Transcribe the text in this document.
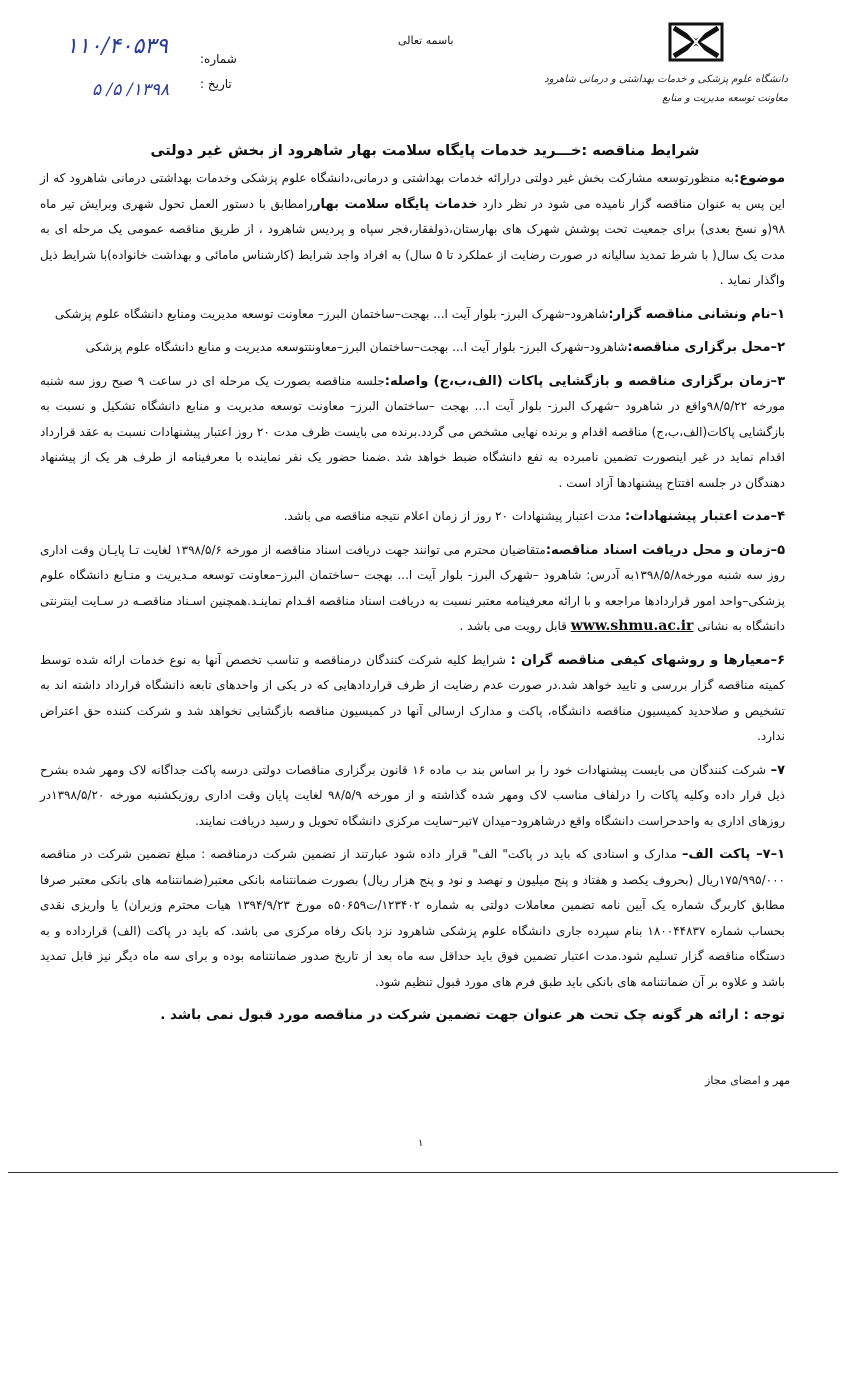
دانشگاه علوم پزشکی و خدمات بهداشتی و درمانی شاهرود
معاونت توسعه مدیریت و منابع
باسمه تعالی
شماره:
۱۱۰/۴۰۵۳۹
تاریخ :
۱۳۹۸/ ۵/ ۵
شرایط مناقصه :خـــرید خدمات پایگاه سلامت بهار شاهرود از بخش غیر دولتی

موضوع:به منظورتوسعه مشارکت بخش غیر دولتی درارائه خدمات بهداشتی و درمانی،دانشگاه علوم پزشکی وخدمات بهداشتی درمانی شاهرود که از این پس به عنوان مناقصه گزار نامیده می شود در نظر دارد خدمات پایگاه سلامت بهاررامطابق با دستور العمل تحول شهری وبرایش تیر ماه ۹۸(و نسخ بعدی) برای جمعیت تحت پوشش شهرک های بهارستان،ذولفقار،فجر سپاه و پردیس شاهرود ، از طریق مناقصه عمومی یک مرحله ای به مدت یک سال( با شرط تمدید سالیانه در صورت رضایت از عملکرد تا ۵ سال) به افراد واجد شرایط (کارشناس مامائی و بهداشت خانواده)با شرایط ذیل واگذار نماید .

۱–نام ونشانی مناقصه گزار:شاهرود–شهرک البرز- بلوار آیت ا... بهجت–ساختمان البرز– معاونت توسعه مدیریت ومنابع دانشگاه علوم پزشکی

۲–محل برگزاری مناقصه:شاهرود–شهرک البرز- بلوار آیت ا... بهجت–ساختمان البرز–معاونتتوسعه مدیریت و منابع دانشگاه علوم پزشکی

۳–زمان برگزاری مناقصه و بازگشایی پاکات (الف،ب،ج) واصله:جلسه مناقصه بصورت یک مرحله ای در ساعت ۹ صبح روز سه شنبه مورخه ۹۸/۵/۲۲واقع در شاهرود –شهرک البرز- بلوار آیت ا... بهجت –ساختمان البرز– معاونت توسعه مدیریت و منابع دانشگاه تشکیل و نسبت به بازگشایی پاکات(الف،ب،ج) مناقصه اقدام و برنده نهایی مشخص می گردد.برنده می بایست ظرف مدت ۲۰ روز اعتبار پیشنهادات نسبت به عقد قرارداد اقدام نماید در غیر اینصورت تضمین نامبرده به نفع دانشگاه ضبط خواهد شد .ضمنا حضور یک نفر نماینده با معرفینامه از طرف هر یک از پیشنهاد دهندگان در جلسه افتتاح پیشنهادها آزاد است .

۴–مدت اعتبار پیشنهادات: مدت اعتبار پیشنهادات ۲۰ روز از زمان اعلام نتیجه مناقصه می باشد.

۵–زمان و محل دریافت اسناد مناقصه:متقاضیان محترم می توانند جهت دریافت اسناد مناقصه از مورخه ۱۳۹۸/۵/۶ لغایت تـا پایـان وقت اداری روز سه شنبه مورخه۱۳۹۸/۵/۸به آدرس: شاهرود –شهرک البرز- بلوار آیت ا... بهجت –ساختمان البرز–معاونت توسعه مـدیریت و منـابع دانشگاه علوم پزشکی–واحد امور قراردادها مراجعه و با ارائه معرفینامه معتبر نسبت به دریافت اسناد مناقصه اقـدام نماینـد.همچنین اسـناد مناقصـه در سـایت اینترنتی دانشگاه به نشانی www.shmu.ac.ir قابل رویت می باشد .

۶–معیارها و روشهای کیفی مناقصه گران : شرایط کلیه شرکت کنندگان درمناقصه و تناسب تخصص آنها به نوع خدمات ارائه شده توسط کمیته مناقصه گزار بررسی و تایید خواهد شد.در صورت عدم رضایت از طرف قراردادهایی که در یکی از واحدهای تابعه دانشگاه قرارداد داشته اند به تشخیص و صلاحدید کمیسیون مناقصه دانشگاه، پاکت و مدارک ارسالی آنها در کمیسیون مناقصه بازگشایی نخواهد شد و شرکت کننده حق اعتراض ندارد.

۷– شرکت کنندگان می بایست پیشنهادات خود را بر اساس بند ب ماده ۱۶ قانون برگزاری مناقصات دولتی درسه پاکت جداگانه لاک ومهر شده بشرح ذیل قرار داده وکلیه پاکات را درلفاف مناسب لاک ومهر شده گذاشته و از مورخه ۹۸/۵/۹ لغایت پایان وقت اداری روزیکشنبه مورخه ۱۳۹۸/۵/۲۰در روزهای اداری به واحدحراست دانشگاه واقع درشاهرود–میدان ۷تیر–سایت مرکزی دانشگاه تحویل و رسید دریافت نمایند.

۱–۷– پاکت الف– مدارک و اسنادی که باید در پاکت" الف" قرار داده شود عبارتند از تضمین شرکت درمناقصه : مبلغ تضمین شرکت در مناقصه ۱۷۵/۹۹۵/۰۰۰ریال (بحروف یکصد و هفتاد و پنج میلیون و نهصد و نود و پنج هزار ریال) بصورت ضمانتنامه بانکی معتبر(ضمانتنامه های بانکی معتبر صرفا مطابق کاربرگ شماره یک آیین نامه تضمین معاملات دولتی به شماره ۱۲۳۴۰۲/ت۵۰۶۵۹ه مورخ ۱۳۹۴/۹/۲۳ هیات محترم وزیران) یا واریزی نقدی بحساب شماره ۱۸۰۰۴۴۸۳۷ بنام سپرده جاری دانشگاه علوم پزشکی شاهرود نزد بانک رفاه مرکزی می باشد. که باید در پاکت (الف) قرارداده و به دستگاه مناقصه گزار تسلیم شود.مدت اعتبار تضمین فوق باید حداقل سه ماه بعد از تاریخ صدور ضمانتنامه بوده و برای سه ماه دیگر نیز قابل تمدید باشد و علاوه بر آن ضمانتنامه های بانکی باید طبق فرم های مورد قبول تنظیم شود.

توجه : ارائه هر گونه چک تحت هر عنوان جهت تضمین شرکت در مناقصه مورد قبول نمی باشد .

مهر و امضای مجاز
۱
